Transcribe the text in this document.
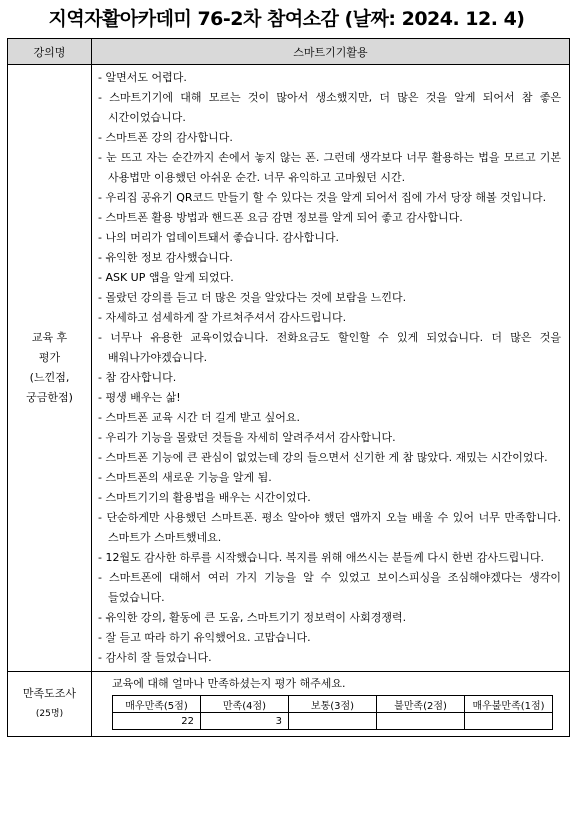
지역자활아카데미 76-2차 참여소감 (날짜: 2024. 12. 4)
강의명	스마트기기활용

교육 후
평가
(느낀점,
궁금한점)

- 알면서도 어렵다.
- 스마트기기에 대해 모르는 것이 많아서 생소했지만, 더 많은 것을 알게 되어서 참 좋은 시간이었습니다.
- 스마트폰 강의 감사합니다.
- 눈 뜨고 자는 순간까지 손에서 놓지 않는 폰. 그런데 생각보다 너무 활용하는 법을 모르고 기본 사용법만 이용했던 아쉬운 순간. 너무 유익하고 고마웠던 시간.
- 우리집 공유기 QR코드 만들기 할 수 있다는 것을 알게 되어서 집에 가서 당장 해볼 것입니다.
- 스마트폰 활용 방법과 핸드폰 요금 감면 정보를 알게 되어 좋고 감사합니다.
- 나의 머리가 업데이트돼서 좋습니다. 감사합니다.
- 유익한 정보 감사했습니다.
- ASK UP 앱을 알게 되었다.
- 몰랐던 강의를 듣고 더 많은 것을 알았다는 것에 보람을 느낀다.
- 자세하고 섬세하게 잘 가르쳐주셔서 감사드립니다.
- 너무나 유용한 교육이었습니다. 전화요금도 할인할 수 있게 되었습니다. 더 많은 것을 배워나가야겠습니다.
- 참 감사합니다.
- 평생 배우는 삶!
- 스마트폰 교육 시간 더 길게 받고 싶어요.
- 우리가 기능을 몰랐던 것들을 자세히 알려주셔서 감사합니다.
- 스마트폰 기능에 큰 관심이 없었는데 강의 들으면서 신기한 게 참 많았다. 재밌는 시간이었다.
- 스마트폰의 새로운 기능을 알게 됨.
- 스마트기기의 활용법을 배우는 시간이었다.
- 단순하게만 사용했던 스마트폰. 평소 알아야 했던 앱까지 오늘 배울 수 있어 너무 만족합니다. 스마트가 스마트했네요.
- 12월도 감사한 하루를 시작했습니다. 복지를 위해 애쓰시는 분들께 다시 한번 감사드립니다.
- 스마트폰에 대해서 여러 가지 기능을 알 수 있었고 보이스피싱을 조심해야겠다는 생각이 들었습니다.
- 유익한 강의, 활동에 큰 도움, 스마트기기 정보력이 사회경쟁력.
- 잘 듣고 따라 하기 유익했어요. 고맙습니다.
- 감사히 잘 들었습니다.

만족도조사
(25명)

교육에 대해 얼마나 만족하셨는지 평가 해주세요.
매우만족(5점)	만족(4점)	보통(3점)	불만족(2점)	매우불만족(1점)
22	3			
